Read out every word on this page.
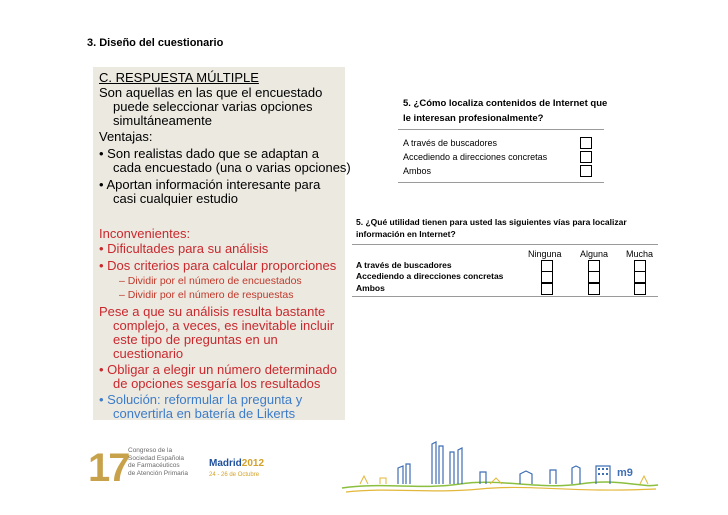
3. Diseño del cuestionario
C. RESPUESTA MÚLTIPLE
Son aquellas en las que el encuestado
puede seleccionar varias opciones
simultáneamente
Ventajas:
• Son realistas dado que se adaptan a
cada encuestado (una o varias opciones)
• Aportan información interesante para
casi cualquier estudio
Inconvenientes:
• Dificultades para su análisis
• Dos criterios para calcular proporciones
– Dividir por el número de encuestados
– Dividir por el número de respuestas
Pese a que su análisis resulta bastante
complejo, a veces, es inevitable incluir
este tipo de preguntas en un
cuestionario
• Obligar a elegir un número determinado
de opciones sesgaría los resultados
• Solución: reformular la pregunta y
convertirla en batería de Likerts
5. ¿Cómo localiza contenidos de Internet que
le interesan profesionalmente?
A través de buscadores
Accediendo a direcciones concretas
Ambos
5. ¿Qué utilidad tienen para usted las siguientes vías para localizar
información en Internet?
Ninguna Alguna Mucha
A través de buscadores
Accediendo a direcciones concretas
Ambos
17 Congreso de la
Sociedad Española
de Farmacéuticos
de Atención Primaria
Madrid2012
24 - 26 de Octubre	m9
